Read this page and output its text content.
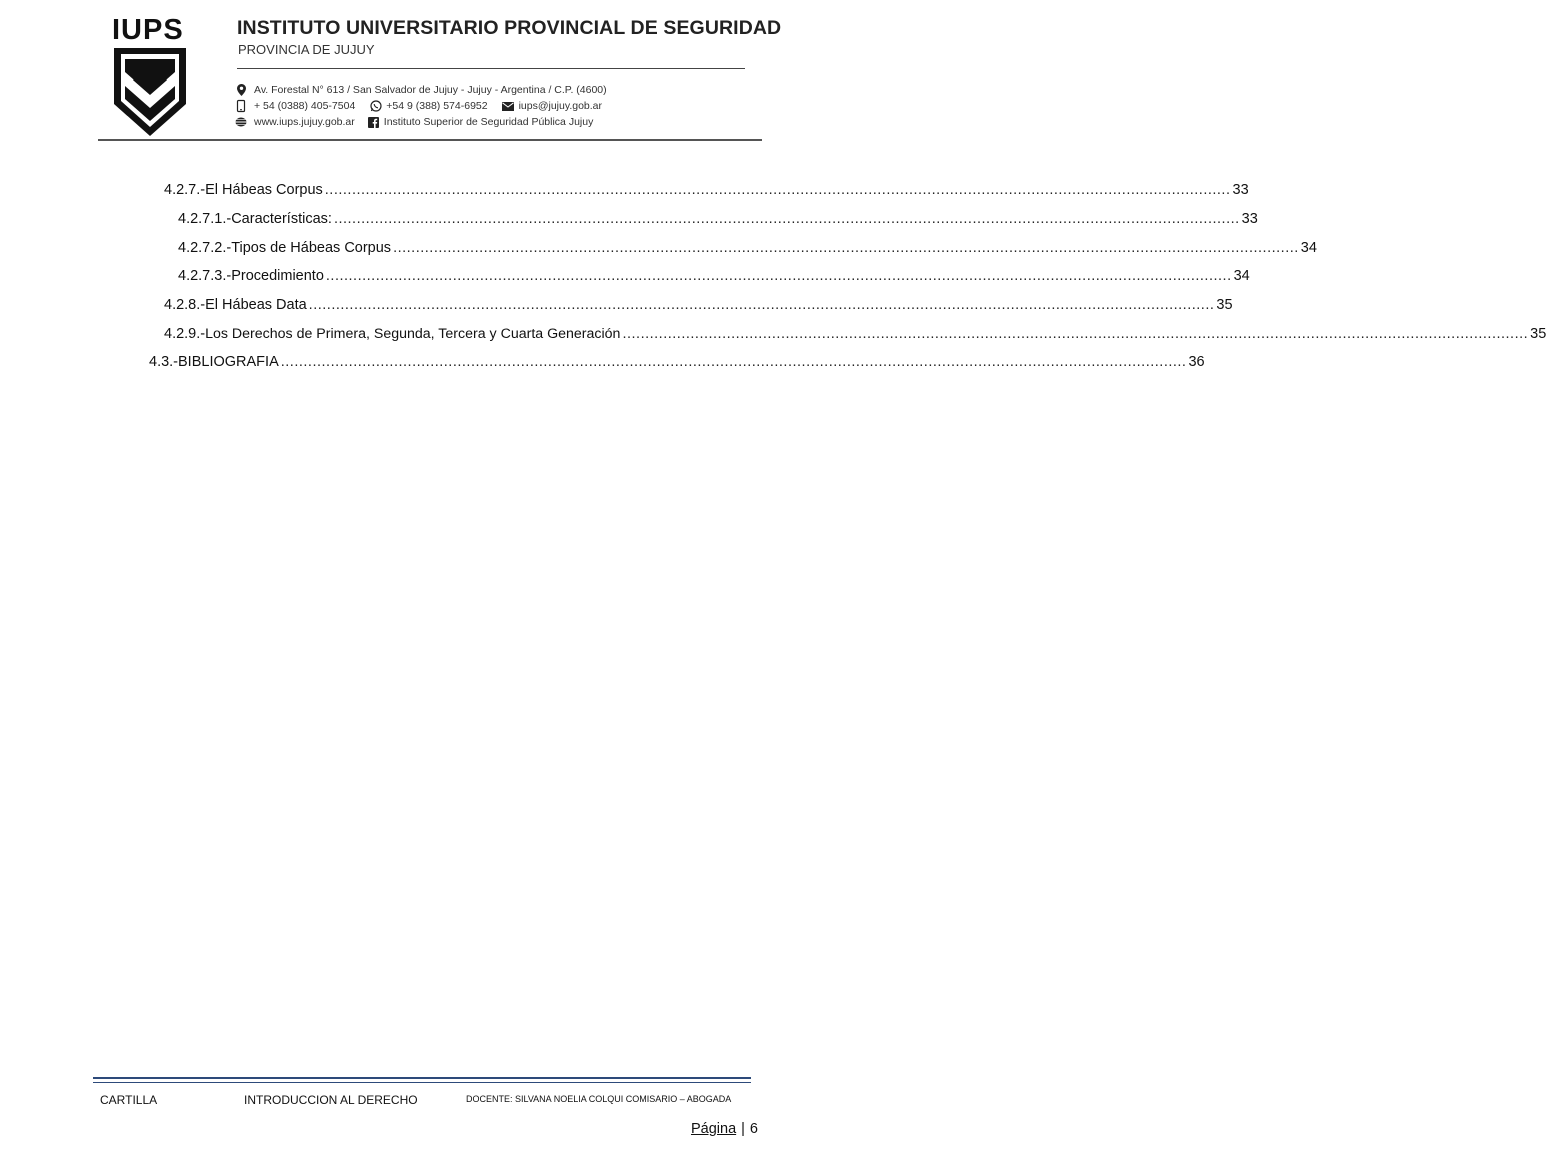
IUPS	INSTITUTO UNIVERSITARIO PROVINCIAL DE SEGURIDAD
PROVINCIA DE JUJUY
Av. Forestal N° 613 / San Salvador de Jujuy - Jujuy - Argentina / C.P. (4600)
+ 54 (0388) 405-7504	+54 9 (388) 574-6952	iups@jujuy.gob.ar
www.iups.jujuy.gob.ar	Instituto Superior de Seguridad Pública Jujuy
4.2.7.- El Hábeas Corpus ........................................................................................................................................................................................................ 33
4.2.7.1.- Características: ........................................................................................................................................................................................................ 33
4.2.7.2.- Tipos de Hábeas Corpus ........................................................................................................................................................................................................ 34
4.2.7.3.- Procedimiento ........................................................................................................................................................................................................ 34
4.2.8.- El Hábeas Data ........................................................................................................................................................................................................ 35
4.2.9.- Los Derechos de Primera, Segunda, Tercera y Cuarta Generación ........................................................................................................................................................................................................ 35
4.3.- BIBLIOGRAFIA ........................................................................................................................................................................................................ 36
CARTILLA	INTRODUCCION AL DERECHO	DOCENTE: SILVANA NOELIA COLQUI COMISARIO – ABOGADA
Página | 6
